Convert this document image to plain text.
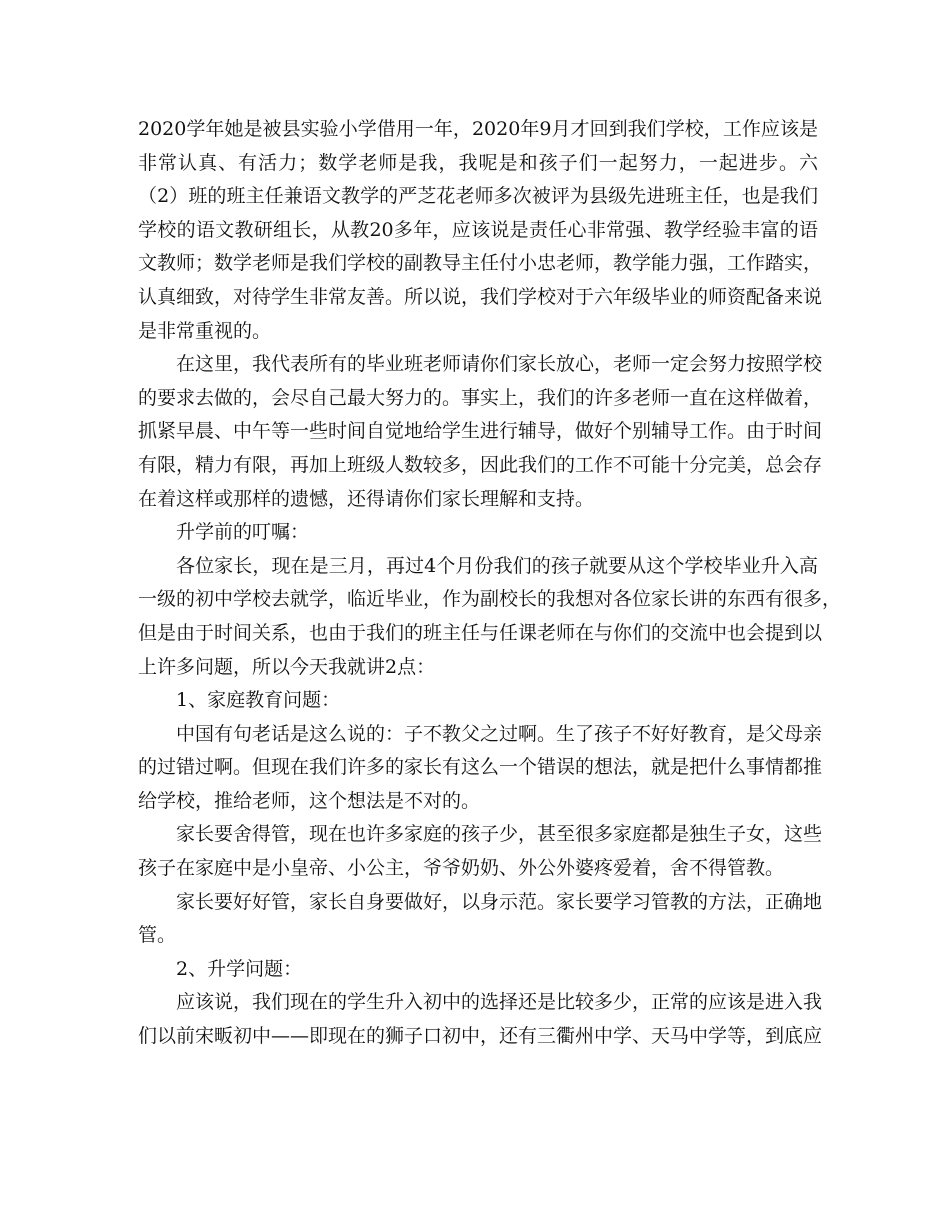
2020学年她是被县实验小学借用一年，2020年9月才回到我们学校，工作应该是
非常认真、有活力；数学老师是我，我呢是和孩子们一起努力，一起进步。六
（2）班的班主任兼语文教学的严芝花老师多次被评为县级先进班主任，也是我们
学校的语文教研组长，从教20多年，应该说是责任心非常强、教学经验丰富的语
文教师；数学老师是我们学校的副教导主任付小忠老师，教学能力强，工作踏实，
认真细致，对待学生非常友善。所以说，我们学校对于六年级毕业的师资配备来说
是非常重视的。
在这里，我代表所有的毕业班老师请你们家长放心，老师一定会努力按照学校
的要求去做的，会尽自己最大努力的。事实上，我们的许多老师一直在这样做着，
抓紧早晨、中午等一些时间自觉地给学生进行辅导，做好个别辅导工作。由于时间
有限，精力有限，再加上班级人数较多，因此我们的工作不可能十分完美，总会存
在着这样或那样的遗憾，还得请你们家长理解和支持。
升学前的叮嘱：
各位家长，现在是三月，再过4个月份我们的孩子就要从这个学校毕业升入高
一级的初中学校去就学，临近毕业，作为副校长的我想对各位家长讲的东西有很多，
但是由于时间关系，也由于我们的班主任与任课老师在与你们的交流中也会提到以
上许多问题，所以今天我就讲2点：
1、家庭教育问题：
中国有句老话是这么说的：子不教父之过啊。生了孩子不好好教育，是父母亲
的过错过啊。但现在我们许多的家长有这么一个错误的想法，就是把什么事情都推
给学校，推给老师，这个想法是不对的。
家长要舍得管，现在也许多家庭的孩子少，甚至很多家庭都是独生子女，这些
孩子在家庭中是小皇帝、小公主，爷爷奶奶、外公外婆疼爱着，舍不得管教。
家长要好好管，家长自身要做好，以身示范。家长要学习管教的方法，正确地
管。
2、升学问题：
应该说，我们现在的学生升入初中的选择还是比较多少，正常的应该是进入我
们以前宋畈初中——即现在的狮子口初中，还有三衢州中学、天马中学等，到底应
